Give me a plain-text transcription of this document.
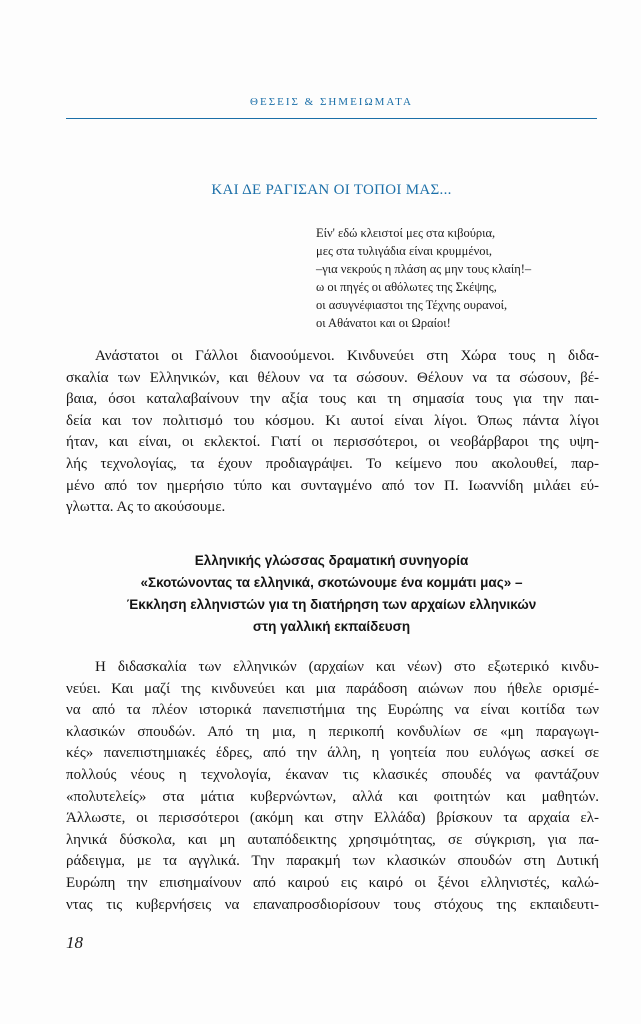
ΘΕΣΕΙΣ & ΣΗΜΕΙΩΜΑΤΑ
ΚΑΙ ΔΕ ΡΑΓΙΣΑΝ ΟΙ ΤΟΠΟΙ ΜΑΣ...
Είν' εδώ κλειστοί μες στα κιβούρια,
μες στα τυλιγάδια είναι κρυμμένοι,
–για νεκρούς η πλάση ας μην τους κλαίη!–
ω οι πηγές οι αθόλωτες της Σκέψης,
οι ασυγνέφιαστοι της Τέχνης ουρανοί,
οι Αθάνατοι και οι Ωραίοι!
Ανάστατοι οι Γάλλοι διανοούμενοι. Κινδυνεύει στη Χώρα τους η διδα-
σκαλία των Ελληνικών, και θέλουν να τα σώσουν. Θέλουν να τα σώσουν, βέ-
βαια, όσοι καταλαβαίνουν την αξία τους και τη σημασία τους για την παι-
δεία και τον πολιτισμό του κόσμου. Κι αυτοί είναι λίγοι. Όπως πάντα λίγοι
ήταν, και είναι, οι εκλεκτοί. Γιατί οι περισσότεροι, οι νεοβάρβαροι της υψη-
λής τεχνολογίας, τα έχουν προδιαγράψει. Το κείμενο που ακολουθεί, παρ-
μένο από τον ημερήσιο τύπο και συνταγμένο από τον Π. Ιωαννίδη μιλάει εύ-
γλωττα. Ας το ακούσουμε.
Ελληνικής γλώσσας δραματική συνηγορία
«Σκοτώνοντας τα ελληνικά, σκοτώνουμε ένα κομμάτι μας» –
Έκκληση ελληνιστών για τη διατήρηση των αρχαίων ελληνικών
στη γαλλική εκπαίδευση
Η διδασκαλία των ελληνικών (αρχαίων και νέων) στο εξωτερικό κινδυ-
νεύει. Και μαζί της κινδυνεύει και μια παράδοση αιώνων που ήθελε ορισμέ-
να από τα πλέον ιστορικά πανεπιστήμια της Ευρώπης να είναι κοιτίδα των
κλασικών σπουδών. Από τη μια, η περικοπή κονδυλίων σε «μη παραγωγι-
κές» πανεπιστημιακές έδρες, από την άλλη, η γοητεία που ευλόγως ασκεί σε
πολλούς νέους η τεχνολογία, έκαναν τις κλασικές σπουδές να φαντάζουν
«πολυτελείς» στα μάτια κυβερνώντων, αλλά και φοιτητών και μαθητών.
Άλλωστε, οι περισσότεροι (ακόμη και στην Ελλάδα) βρίσκουν τα αρχαία ελ-
ληνικά δύσκολα, και μη αυταπόδεικτης χρησιμότητας, σε σύγκριση, για πα-
ράδειγμα, με τα αγγλικά. Την παρακμή των κλασικών σπουδών στη Δυτική
Ευρώπη την επισημαίνουν από καιρού εις καιρό οι ξένοι ελληνιστές, καλώ-
ντας τις κυβερνήσεις να επαναπροσδιορίσουν τους στόχους της εκπαιδευτι-
18
